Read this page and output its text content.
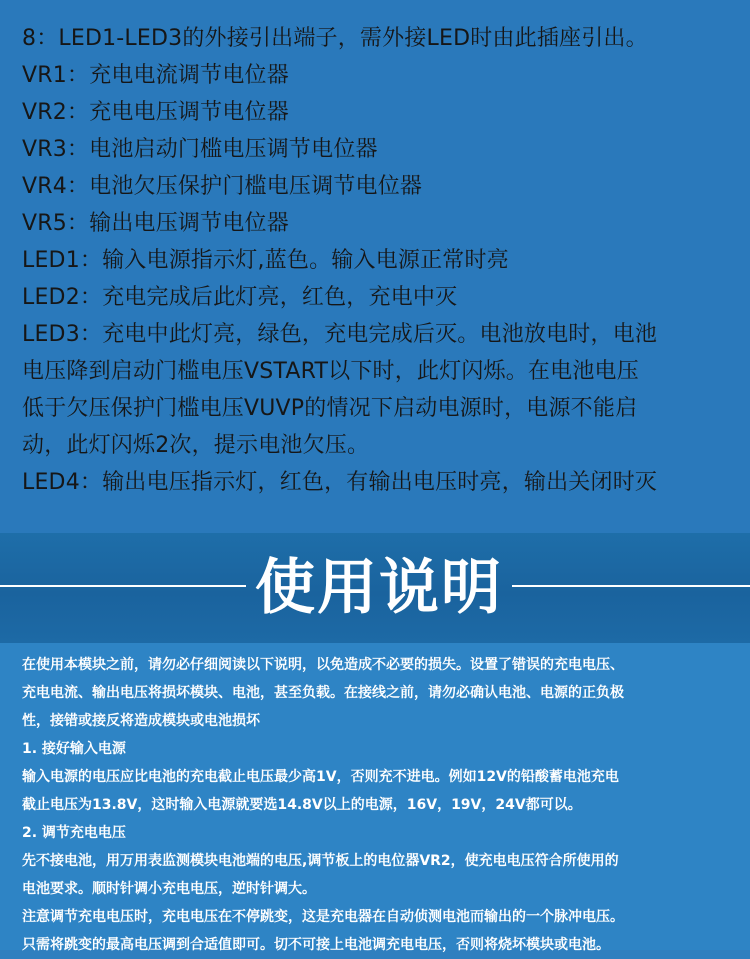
8：LED1-LED3的外接引出端子，需外接LED时由此插座引出。
VR1：充电电流调节电位器
VR2：充电电压调节电位器
VR3：电池启动门槛电压调节电位器
VR4：电池欠压保护门槛电压调节电位器
VR5：输出电压调节电位器
LED1：输入电源指示灯,蓝色。输入电源正常时亮
LED2：充电完成后此灯亮，红色，充电中灭
LED3：充电中此灯亮，绿色，充电完成后灭。电池放电时，电池
电压降到启动门槛电压VSTART以下时，此灯闪烁。在电池电压
低于欠压保护门槛电压VUVP的情况下启动电源时，电源不能启
动，此灯闪烁2次，提示电池欠压。
LED4：输出电压指示灯，红色，有输出电压时亮，输出关闭时灭
使用说明
在使用本模块之前，请勿必仔细阅读以下说明，以免造成不必要的损失。设置了错误的充电电压、
充电电流、输出电压将损坏模块、电池，甚至负载。在接线之前，请勿必确认电池、电源的正负极
性，接错或接反将造成模块或电池损坏
1. 接好输入电源
输入电源的电压应比电池的充电截止电压最少高1V，否则充不进电。例如12V的铅酸蓄电池充电
截止电压为13.8V，这时输入电源就要选14.8V以上的电源，16V，19V，24V都可以。
2. 调节充电电压
先不接电池，用万用表监测模块电池端的电压,调节板上的电位器VR2，使充电电压符合所使用的
电池要求。顺时针调小充电电压，逆时针调大。
注意调节充电电压时，充电电压在不停跳变，这是充电器在自动侦测电池而输出的一个脉冲电压。
只需将跳变的最高电压调到合适值即可。切不可接上电池调充电电压，否则将烧坏模块或电池。
